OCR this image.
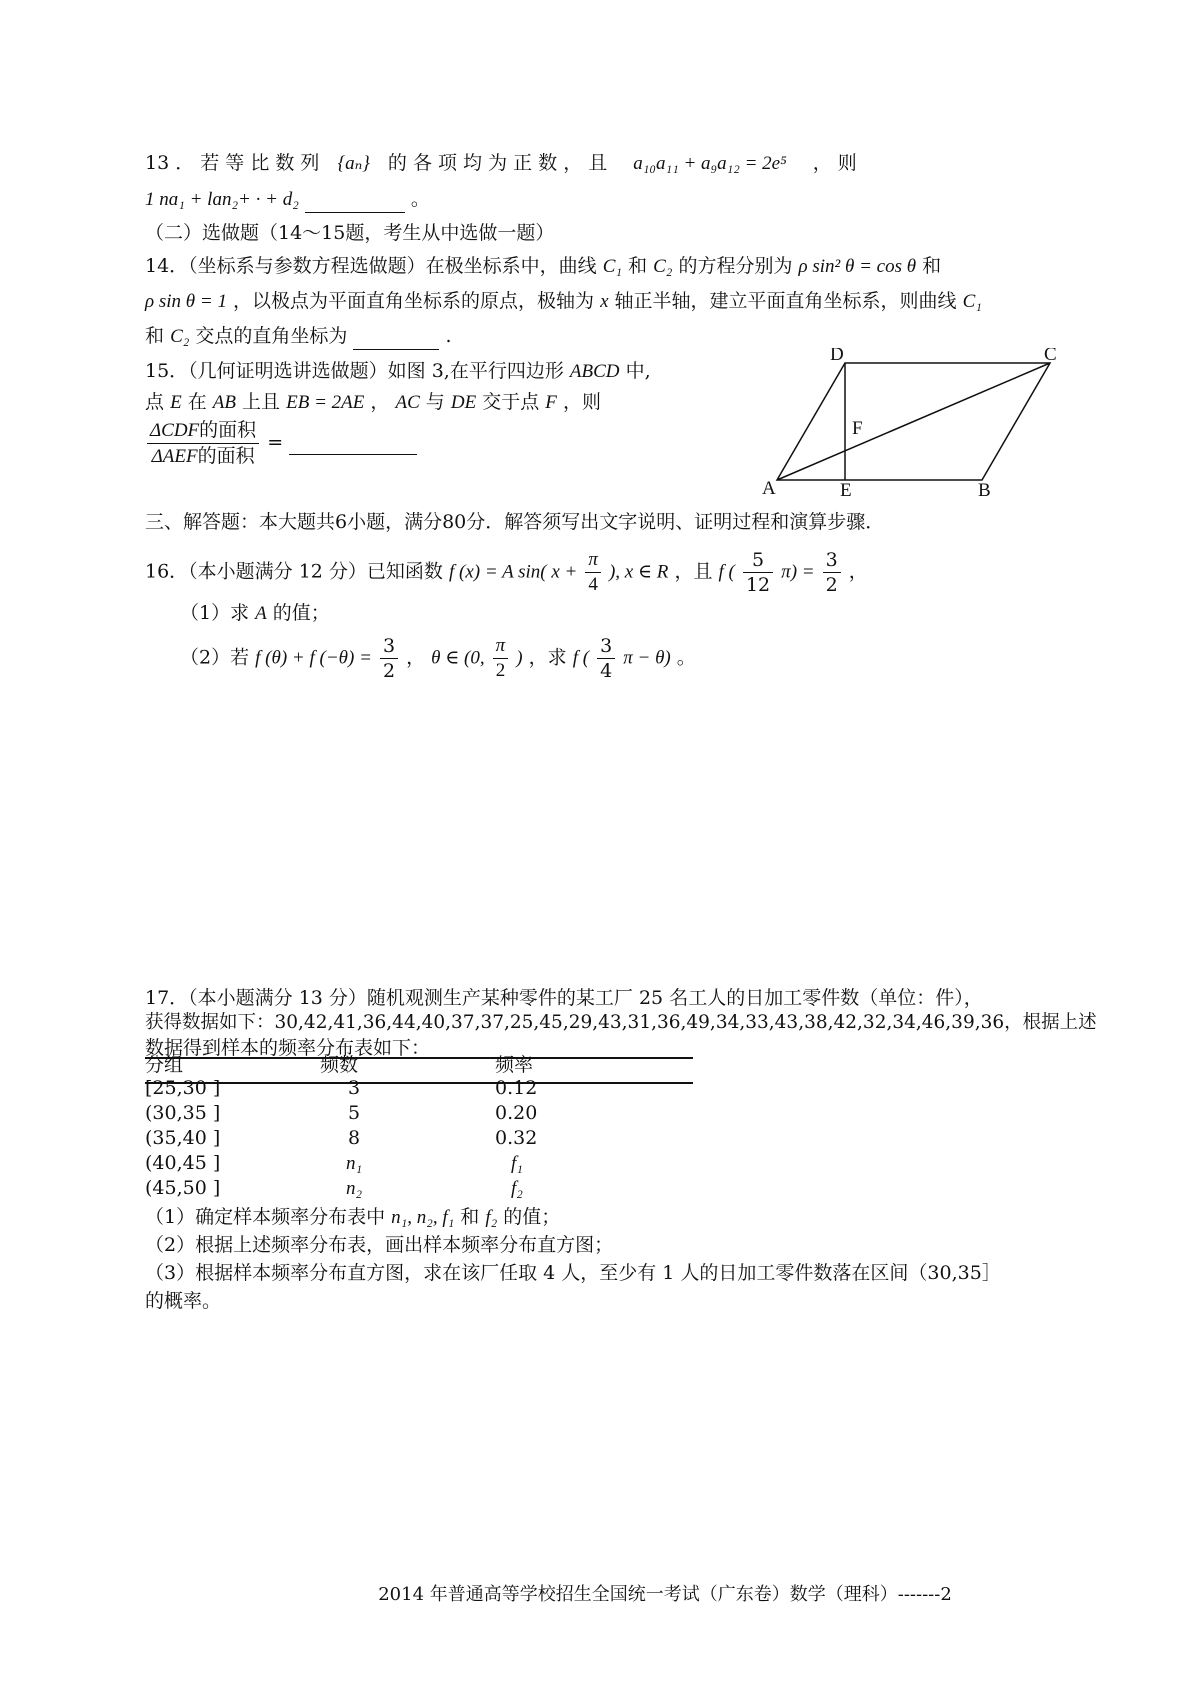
13 ． 若 等 比 数 列 {aₙ} 的 各 项 均 为 正 数 ， 且 a₁₀a₁₁ + a₉a₁₂ = 2e⁵ ， 则
1 nɑ₁ + lɑn₂+ · + d₂	。
（二）选做题（14～15题，考生从中选做一题）
14．（坐标系与参数方程选做题）在极坐标系中，曲线 C₁ 和 C₂ 的方程分别为 ρ sin² θ = cos θ 和
ρ sin θ = 1 ，以极点为平面直角坐标系的原点，极轴为 x 轴正半轴，建立平面直角坐标系，则曲线 C₁
和 C₂ 交点的直角坐标为	.
15．（几何证明选讲选做题）如图 3,在平行四边形 ABCD 中,
点 E 在 AB 上且 EB = 2AE ， AC 与 DE 交于点 F ，则
$\frac{\text{ΔCDF的面积}}{\text{ΔAEF的面积}}$ =
A	B
C
D
E
F
三、解答题：本大题共6小题，满分80分．解答须写出文字说明、证明过程和演算步骤．
16．（本小题满分 12 分）已知函数 f (x) = A sin( $x + \frac{\pi}{4}$ ), x ∈ R ，且 f ( $\frac{5}{12} \pi) = \frac{3}{2}$ ，
（1）求 A 的值；
（2）若 f (θ) + f $(-\theta) = \frac{3}{2}$ ， θ ∈ (0, $\frac{\pi}{2}$ ) ，求 f ( $\frac{3}{4}$ π − θ) 。
17．（本小题满分 13 分）随机观测生产某种零件的某工厂 25 名工人的日加工零件数（单位：件），
获得数据如下：30,42,41,36,44,40,37,37,25,45,29,43,31,36,49,34,33,43,38,42,32,34,46,39,36，根据上述
数据得到样本的频率分布表如下：
分组	频数	频率
[25,30 ]	3	0.12
(30,35 ]	5	0.20
(35,40 ]	8	0.32
(40,45 ]	n₁	f₁
(45,50 ]	n₂	f₂
（1）确定样本频率分布表中 n₁, n₂, f₁ 和 f₂ 的值；
（2）根据上述频率分布表，画出样本频率分布直方图；
（3）根据样本频率分布直方图，求在该厂任取 4 人，至少有 1 人的日加工零件数落在区间（30,35］
的概率。
2014 年普通高等学校招生全国统一考试（广东卷）数学（理科）-------2
